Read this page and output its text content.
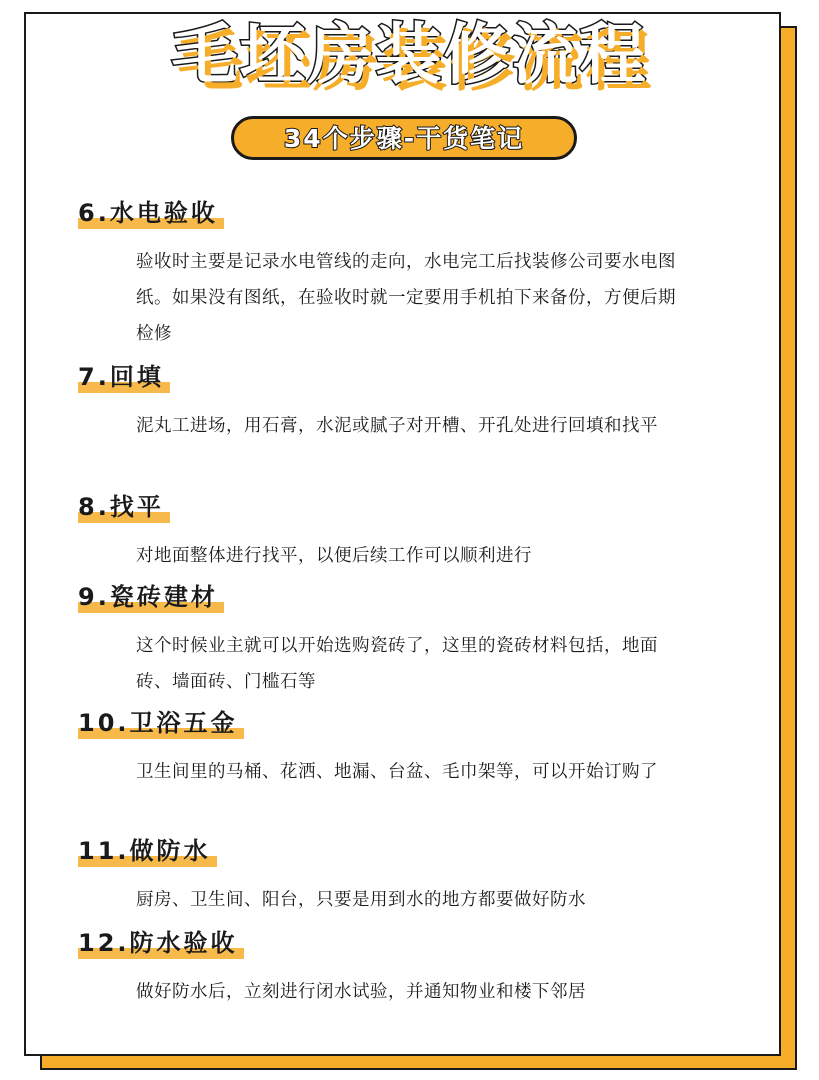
毛坯房装修流程
34个步骤-干货笔记
6.水电验收
验收时主要是记录水电管线的走向，水电完工后找装修公司要水电图纸。如果没有图纸，在验收时就一定要用手机拍下来备份，方便后期检修
7.回填
泥丸工进场，用石膏，水泥或腻子对开槽、开孔处进行回填和找平
8.找平
对地面整体进行找平，以便后续工作可以顺利进行
9.瓷砖建材
这个时候业主就可以开始选购瓷砖了，这里的瓷砖材料包括，地面砖、墙面砖、门槛石等
10.卫浴五金
卫生间里的马桶、花洒、地漏、台盆、毛巾架等，可以开始订购了
11.做防水
厨房、卫生间、阳台，只要是用到水的地方都要做好防水
12.防水验收
做好防水后，立刻进行闭水试验，并通知物业和楼下邻居
